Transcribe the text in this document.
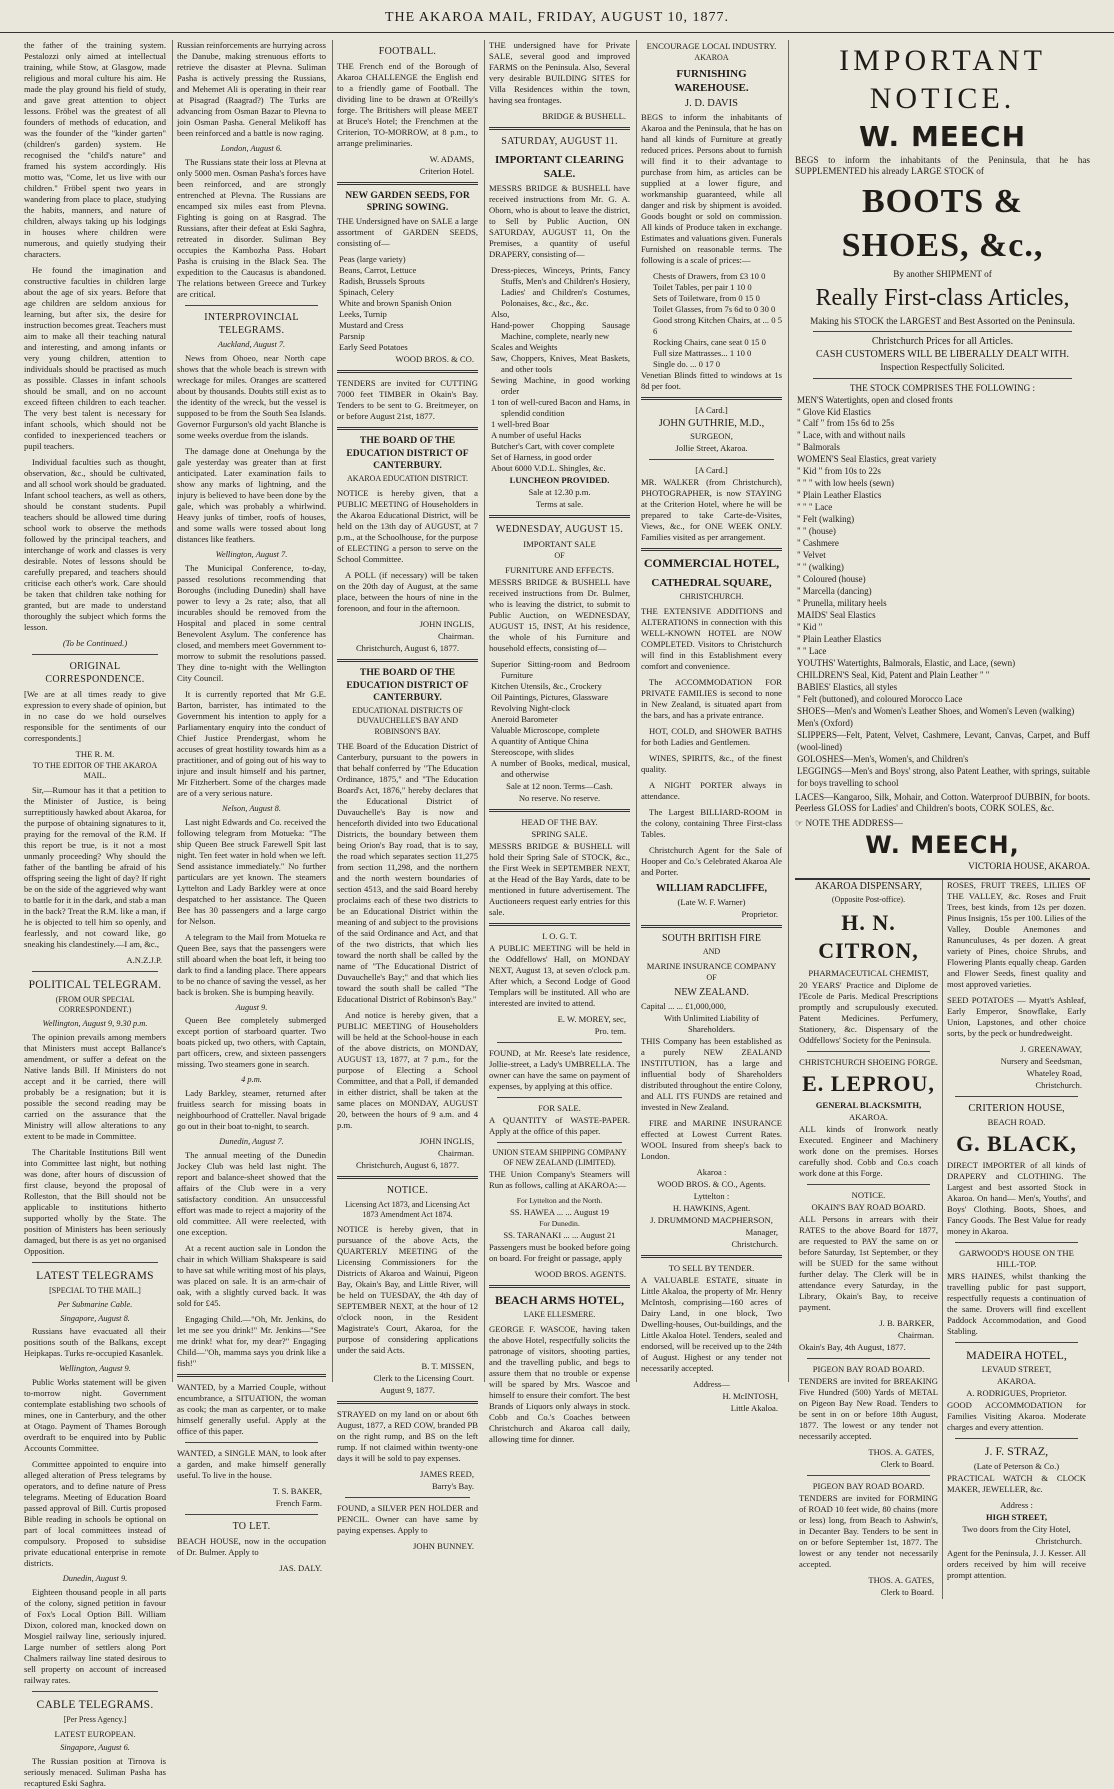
THE AKAROA MAIL, FRIDAY, AUGUST 10, 1877.

the father of the training system. Pestalozzi only aimed at intellectual training, while Stow, at Glasgow, made religious and moral culture his aim. He made the play ground his field of study, and gave great attention to object lessons. Fröbel was the greatest of all founders of methods of education, and was the founder of the "kinder garten" (children's garden) system. He recognised the "child's nature" and framed his system accordingly. His motto was, "Come, let us live with our children." Fröbel spent two years in wandering from place to place, studying the habits, manners, and nature of children, always taking up his lodgings in houses where children were numerous, and quietly studying their characters.

He found the imagination and constructive faculties in children large about the age of six years. Before that age children are seldom anxious for learning, but after six, the desire for instruction becomes great. Teachers must aim to make all their teaching natural and interesting, and among infants or very young children, attention to individuals should be practised as much as possible. Classes in infant schools should be small, and on no account exceed fifteen children to each teacher. The very best talent is necessary for infant schools, which should not be confided to inexperienced teachers or pupil teachers.

Individual faculties such as thought, observation, &c., should be cultivated, and all school work should be graduated. Infant school teachers, as well as others, should be constant students. Pupil teachers should be allowed time during school work to observe the methods followed by the principal teachers, and interchange of work and classes is very desirable. Notes of lessons should be carefully prepared, and teachers should criticise each other's work. Care should be taken that children take nothing for granted, but are made to understand thoroughly the subject which forms the lesson.

(To be Continued.)
ORIGINAL CORRESPONDENCE.

[We are at all times ready to give expression to every shade of opinion, but in no case do we hold ourselves responsible for the sentiments of our correspondents.]

THE R. M.
TO THE EDITOR OF THE AKAROA MAIL.

Sir,—Rumour has it that a petition to the Minister of Justice, is being surreptitiously hawked about Akaroa, for the purpose of obtaining signatures to it, praying for the removal of the R.M. If this report be true, is it not a most unmanly proceeding? Why should the father of the bantling be afraid of his offspring seeing the light of day? If right be on the side of the aggrieved why want to battle for it in the dark, and stab a man in the back? Treat the R.M. like a man, if he is objected to tell him so openly, and fearlessly, and not coward like, go sneaking his clandestinely.—I am, &c.,

A.N.Z.J.P.
POLITICAL TELEGRAM.
(FROM OUR SPECIAL CORRESPONDENT.)
Wellington, August 9, 9.30 p.m.

The opinion prevails among members that Ministers must accept Ballance's amendment, or suffer a defeat on the Native lands Bill. If Ministers do not accept and it be carried, there will probably be a resignation; but it is possible the second reading may be carried on the assurance that the Ministry will allow alterations to any extent to be made in Committee.

The Charitable Institutions Bill went into Committee last night, but nothing was done, after hours of discussion of first clause, beyond the proposal of Rolleston, that the Bill should not be applicable to institutions hitherto supported wholly by the State. The position of Ministers has been seriously damaged, but there is as yet no organised Opposition.

LATEST TELEGRAMS
[SPECIAL TO THE MAIL.]
Per Submarine Cable.
Singapore, August 8.

Russians have evacuated all their positions south of the Balkans, except Heipkapas. Turks re-occupied Kasanlek.

Wellington, August 9.

Public Works statement will be given to-morrow night. Government contemplate establishing two schools of mines, one in Canterbury, and the other at Otago. Payment of Thames Borough overdraft to be enquired into by Public Accounts Committee.

Committee appointed to enquire into alleged alteration of Press telegrams by operators, and to define nature of Press telegrams. Meeting of Education Board passed approval of Bill. Curtis proposed Bible reading in schools be optional on part of local committees instead of compulsory. Proposed to subsidise private educational enterprise in remote districts.

Dunedin, August 9.

Eighteen thousand people in all parts of the colony, signed petition in favour of Fox's Local Option Bill. William Dixon, colored man, knocked down on Mosgiel railway line, seriously injured. Large number of settlers along Port Chalmers railway line stated desirous to sell property on account of increased railway rates.

CABLE TELEGRAMS.
[Per Press Agency.]
LATEST EUROPEAN.
Singapore, August 6.

The Russian position at Tirnova is seriously menaced. Suliman Pasha has recaptured Eski Saghra.

Russian reinforcements are hurrying across the Danube, making strenuous efforts to retrieve the disaster at Plevna. Suliman Pasha is actively pressing the Russians, and Mehemet Ali is operating in their rear at Pisagrad (Raagrad?) The Turks are advancing from Osman Bazar to Plevna to join Osman Pasha. General Melikoff has been reinforced and a battle is now raging.

London, August 6.

The Russians state their loss at Plevna at only 5000 men. Osman Pasha's forces have been reinforced, and are strongly entrenched at Plevna. The Russians are encamped six miles east from Plevna. Fighting is going on at Rasgrad. The Russians, after their defeat at Eski Saghra, retreated in disorder. Suliman Bey occupies the Kambozha Pass. Hobart Pasha is cruising in the Black Sea. The expedition to the Caucasus is abandoned. The relations between Greece and Turkey are critical.

INTERPROVINCIAL TELEGRAMS.
Auckland, August 7.

News from Ohoeo, near North cape shows that the whole beach is strewn with wreckage for miles. Oranges are scattered about by thousands. Doubts still exist as to the identity of the wreck, but the vessel is supposed to be from the South Sea Islands. Governor Furgurson's old yacht Blanche is some weeks overdue from the islands.

The damage done at Onehunga by the gale yesterday was greater than at first anticipated. Later examination fails to show any marks of lightning, and the injury is believed to have been done by the gale, which was probably a whirlwind. Heavy junks of timber, roofs of houses, and some walls were tossed about long distances like feathers.

Wellington, August 7.

The Municipal Conference, to-day, passed resolutions recommending that Boroughs (including Dunedin) shall have power to levy a 2s rate; also, that all incurables should be removed from the Hospital and placed in some central Benevolent Asylum. The conference has closed, and members meet Government to-morrow to submit the resolutions passed. They dine to-night with the Wellington City Council.

It is currently reported that Mr G.E. Barton, barrister, has intimated to the Government his intention to apply for a Parliamentary enquiry into the conduct of Chief Justice Prendergast, whom he accuses of great hostility towards him as a practitioner, and of going out of his way to injure and insult himself and his partner, Mr Fitzherbert. Some of the charges made are of a very serious nature.

Nelson, August 8.

Last night Edwards and Co. received the following telegram from Motueka: "The ship Queen Bee struck Farewell Spit last night. Ten feet water in hold when we left. Send assistance immediately." No further particulars are yet known. The steamers Lyttelton and Lady Barkley were at once despatched to her assistance. The Queen Bee has 30 passengers and a large cargo for Nelson.

A telegram to the Mail from Motueka re Queen Bee, says that the passengers were still aboard when the boat left, it being too dark to find a landing place. There appears to be no chance of saving the vessel, as her back is broken. She is bumping heavily.

August 9.

Queen Bee completely submerged except portion of starboard quarter. Two boats picked up, two others, with Captain, part officers, crew, and sixteen passengers missing. Two steamers gone in search.

4 p.m.

Lady Barkley, steamer, returned after fruitless search for missing boats in neighbourhood of Cratteller. Naval brigade go out in their boat to-night, to search.

Dunedin, August 7.

The annual meeting of the Dunedin Jockey Club was held last night. The report and balance-sheet showed that the affairs of the Club were in a very satisfactory condition. An unsuccessful effort was made to reject a majority of the old committee. All were reelected, with one exception.

At a recent auction sale in London the chair in which William Shakspeare is said to have sat while writing most of his plays, was placed on sale. It is an arm-chair of oak, with a slightly curved back. It was sold for £45.

Engaging Child.—"Oh, Mr. Jenkins, do let me see you drink!" Mr. Jenkins—"See me drink! what for, my dear?" Engaging Child—"Oh, mamma says you drink like a fish!"

WANTED, by a Married Couple, without encumbrance, a SITUATION, the woman as cook; the man as carpenter, or to make himself generally useful. Apply at the office of this paper.

WANTED, a SINGLE MAN, to look after a garden, and make himself generally useful. To live in the house.

T. S. BAKER,
French Farm.
TO LET.

BEACH HOUSE, now in the occupation of Dr. Bulmer. Apply to

JAS. DALY.
FOOTBALL.

THE French end of the Borough of Akaroa CHALLENGE the English end to a friendly game of Football. The dividing line to be drawn at O'Reilly's forge. The Britishers will please MEET at Bruce's Hotel; the Frenchmen at the Criterion, TO-MORROW, at 8 p.m., to arrange preliminaries.

W. ADAMS,
Criterion Hotel.
NEW GARDEN SEEDS, FOR SPRING SOWING.

THE Undersigned have on SALE a large assortment of GARDEN SEEDS, consisting of—

Peas (large variety)
Beans, Carrot, Lettuce
Radish, Brussels Sprouts
Spinach, Celery
White and brown Spanish Onion
Leeks, Turnip
Mustard and Cress
Parsnip
Early Seed Potatoes
WOOD BROS. & CO.

TENDERS are invited for CUTTING 7000 feet TIMBER in Okain's Bay. Tenders to be sent to G. Breitmeyer, on or before August 21st, 1877.

THE BOARD OF THE EDUCATION DISTRICT OF CANTERBURY.
AKAROA EDUCATION DISTRICT.

NOTICE is hereby given, that a PUBLIC MEETING of Householders in the Akaroa Educational District, will be held on the 13th day of AUGUST, at 7 p.m., at the Schoolhouse, for the purpose of ELECTING a person to serve on the School Committee.

A POLL (if necessary) will be taken on the 20th day of August, at the same place, between the hours of nine in the forenoon, and four in the afternoon.

JOHN INGLIS,
Chairman.
Christchurch, August 6, 1877.
THE BOARD OF THE EDUCATION DISTRICT OF CANTERBURY.
EDUCATIONAL DISTRICTS OF DUVAUCHELLE'S BAY AND ROBINSON'S BAY.

THE Board of the Education District of Canterbury, pursuant to the powers in that behalf conferred by "The Education Ordinance, 1875," and "The Education Board's Act, 1876," hereby declares that the Educational District of Duvauchelle's Bay is now and henceforth divided into two Educational Districts, the boundary between them being Orion's Bay road, that is to say, the road which separates section 11,275 from section 11,298, and the northern and the north western boundaries of section 4513, and the said Board hereby proclaims each of these two districts to be an Educational District within the meaning of and subject to the provisions of the said Ordinance and Act, and that of the two districts, that which lies toward the north shall be called by the name of "The Educational District of Duvauchelle's Bay;" and that which lies toward the south shall be called "The Educational District of Robinson's Bay."

And notice is hereby given, that a PUBLIC MEETING of Householders will be held at the School-house in each of the above districts, on MONDAY, AUGUST 13, 1877, at 7 p.m., for the purpose of Electing a School Committee, and that a Poll, if demanded in either district, shall be taken at the same places on MONDAY, AUGUST 20, between the hours of 9 a.m. and 4 p.m.

JOHN INGLIS,
Chairman.
Christchurch, August 6, 1877.
NOTICE.
Licensing Act 1873, and Licensing Act 1873 Amendment Act 1874.

NOTICE is hereby given, that in pursuance of the above Acts, the QUARTERLY MEETING of the Licensing Commissioners for the Districts of Akaroa and Wainui, Pigeon Bay, Okain's Bay, and Little River, will be held on TUESDAY, the 4th day of SEPTEMBER NEXT, at the hour of 12 o'clock noon, in the Resident Magistrate's Court, Akaroa, for the purpose of considering applications under the said Acts.

B. T. MISSEN,
Clerk to the Licensing Court.
August 9, 1877.

STRAYED on my land on or about 6th August, 1877, a RED COW, branded PB on the right rump, and BS on the left rump. If not claimed within twenty-one days it will be sold to pay expenses.

JAMES REED,
Barry's Bay.

FOUND, a SILVER PEN HOLDER and PENCIL. Owner can have same by paying expenses. Apply to

JOHN BUNNEY.

THE undersigned have for Private SALE, several good and improved FARMS on the Peninsula. Also, Several very desirable BUILDING SITES for Villa Residences within the town, having sea frontages.

BRIDGE & BUSHELL.
SATURDAY, AUGUST 11.
IMPORTANT CLEARING SALE.

MESSRS BRIDGE & BUSHELL have received instructions from Mr. G. A. Oborn, who is about to leave the district, to Sell by Public Auction, ON SATURDAY, AUGUST 11, On the Premises, a quantity of useful DRAPERY, consisting of—

Dress-pieces, Winceys, Prints, Fancy Stuffs, Men's and Children's Hosiery, Ladies' and Children's Costumes, Polonaises, &c., &c., &c.
Also,
Hand-power Chopping Sausage Machine, complete, nearly new
Scales and Weights
Saw, Choppers, Knives, Meat Baskets, and other tools
Sewing Machine, in good working order
1 ton of well-cured Bacon and Hams, in splendid condition
1 well-bred Boar
A number of useful Hacks
Butcher's Cart, with cover complete
Set of Harness, in good order
About 6000 V.D.L. Shingles, &c.
LUNCHEON PROVIDED.
Sale at 12.30 p.m.
Terms at sale.
WEDNESDAY, AUGUST 15.
IMPORTANT SALE
OF
FURNITURE AND EFFECTS.

MESSRS BRIDGE & BUSHELL have received instructions from Dr. Bulmer, who is leaving the district, to submit to Public Auction, on WEDNESDAY, AUGUST 15, INST, At his residence, the whole of his Furniture and household effects, consisting of—

Superior Sitting-room and Bedroom Furniture
Kitchen Utensils, &c., Crockery
Oil Paintings, Pictures, Glassware
Revolving Night-clock
Aneroid Barometer
Valuable Microscope, complete
A quantity of Antique China
Stereoscope, with slides
A number of Books, medical, musical, and otherwise
Sale at 12 noon. Terms—Cash.
No reserve. No reserve.
HEAD OF THE BAY.
SPRING SALE.

MESSRS BRIDGE & BUSHELL will hold their Spring Sale of STOCK, &c., the First Week in SEPTEMBER NEXT, at the Head of the Bay Yards, date to be mentioned in future advertisement. The Auctioneers request early entries for this sale.

I. O. G. T.

A PUBLIC MEETING will be held in the Oddfellows' Hall, on MONDAY NEXT, August 13, at seven o'clock p.m. After which, a Second Lodge of Good Templars will be instituted. All who are interested are invited to attend.

E. W. MOREY, sec,
Pro. tem.

FOUND, at Mr. Reese's late residence, Jollie-street, a Lady's UMBRELLA. The owner can have the same on payment of expenses, by applying at this office.

FOR SALE.

A QUANTITY of WASTE-PAPER. Apply at the office of this paper.

UNION STEAM SHIPPING COMPANY OF NEW ZEALAND (LIMITED).

THE Union Company's Steamers will Run as follows, calling at AKAROA:—

For Lyttelton and the North.
SS. HAWEA ... ... August 19
For Dunedin.
SS. TARANAKI ... ... August 21

Passengers must be booked before going on board. For freight or passage, apply

WOOD BROS. AGENTS.
BEACH ARMS HOTEL,
LAKE ELLESMERE.

GEORGE F. WASCOE, having taken the above Hotel, respectfully solicits the patronage of visitors, shooting parties, and the travelling public, and begs to assure them that no trouble or expense will be spared by Mrs. Wascoe and himself to ensure their comfort. The best Brands of Liquors only always in stock. Cobb and Co.'s Coaches between Christchurch and Akaroa call daily, allowing time for dinner.

ENCOURAGE LOCAL INDUSTRY.
AKAROA
FURNISHING WAREHOUSE.
J. D. DAVIS

BEGS to inform the inhabitants of Akaroa and the Peninsula, that he has on hand all kinds of Furniture at greatly reduced prices. Persons about to furnish will find it to their advantage to purchase from him, as articles can be supplied at a lower figure, and workmanship guaranteed, while all danger and risk by shipment is avoided. Goods bought or sold on commission. All kinds of Produce taken in exchange. Estimates and valuations given. Funerals Furnished on reasonable terms. The following is a scale of prices:—

Chests of Drawers, from £3 10 0
Toilet Tables, per pair 1 10 0
Sets of Toiletware, from 0 15 0
Toilet Glasses, from 7s 6d to 0 30 0
Good strong Kitchen Chairs, at ... 0 5 6
Rocking Chairs, cane seat 0 15 0
Full size Mattrasses... 1 10 0
Single do. ... 0 17 0

Venetian Blinds fitted to windows at 1s 8d per foot.

[A Card.]
JOHN GUTHRIE, M.D.,
SURGEON,
Jollie Street, Akaroa.
[A Card.]

MR. WALKER (from Christchurch), PHOTOGRAPHER, is now STAYING at the Criterion Hotel, where he will be prepared to take Carte-de-Visites, Views, &c., for ONE WEEK ONLY. Families visited as per arrangement.

COMMERCIAL HOTEL,
CATHEDRAL SQUARE,
CHRISTCHURCH.

THE EXTENSIVE ADDITIONS and ALTERATIONS in connection with this WELL-KNOWN HOTEL are NOW COMPLETED. Visitors to Christchurch will find in this Establishment every comfort and convenience.

The ACCOMMODATION FOR PRIVATE FAMILIES is second to none in New Zealand, is situated apart from the bars, and has a private entrance.

HOT, COLD, and SHOWER BATHS for both Ladies and Gentlemen.

WINES, SPIRITS, &c., of the finest quality.

A NIGHT PORTER always in attendance.

The Largest BILLIARD-ROOM in the colony, containing Three First-class Tables.

Christchurch Agent for the Sale of Hooper and Co.'s Celebrated Akaroa Ale and Porter.

WILLIAM RADCLIFFE,
(Late W. F. Warner)
Proprietor.
SOUTH BRITISH FIRE
AND
MARINE INSURANCE COMPANY
OF
NEW ZEALAND.
Capital ... ... £1,000,000,
With Unlimited Liability of Shareholders.

THIS Company has been established as a purely NEW ZEALAND INSTITUTION, has a large and influential body of Shareholders distributed throughout the entire Colony, and ALL ITS FUNDS are retained and invested in New Zealand.

FIRE and MARINE INSURANCE effected at Lowest Current Rates. WOOL Insured from sheep's back to London.

Akaroa :
WOOD BROS. & CO., Agents.
Lyttelton :
H. HAWKINS, Agent.
J. DRUMMOND MACPHERSON,
Manager,
Christchurch.
TO SELL BY TENDER.

A VALUABLE ESTATE, situate in Little Akaloa, the property of Mr. Henry McIntosh, comprising—160 acres of Dairy Land, in one block, Two Dwelling-houses, Out-buildings, and the Little Akaloa Hotel. Tenders, sealed and endorsed, will be received up to the 24th of August. Highest or any tender not necessarily accepted.

Address—
H. McINTOSH,
Little Akaloa.
IMPORTANT NOTICE.
W. MEECH
BEGS to inform the inhabitants of the Peninsula, that he has SUPPLEMENTED his already LARGE STOCK of
BOOTS & SHOES, &c.,
By another SHIPMENT of
Really First-class Articles,
Making his STOCK the LARGEST and Best Assorted on the Peninsula.
Christchurch Prices for all Articles.
CASH CUSTOMERS WILL BE LIBERALLY DEALT WITH.
Inspection Respectfully Solicited.
THE STOCK COMPRISES THE FOLLOWING :
MEN'S Watertights, open and closed fronts
" Glove Kid Elastics
" Calf " from 15s 6d to 25s
" Lace, with and without nails
" Balmorals
WOMEN'S Seal Elastics, great variety
" Kid " from 10s to 22s
" " " with low heels (sewn)
" Plain Leather Elastics
" " " Lace
" Felt (walking)
" " (house)
" Cashmere
" Velvet
" " (walking)
" Coloured (house)
" Marcella (dancing)
" Prunella, military heels
MAIDS' Seal Elastics
" Kid "
" Plain Leather Elastics
" " Lace
YOUTHS' Watertights, Balmorals, Elastic, and Lace, (sewn)
CHILDREN'S Seal, Kid, Patent and Plain Leather " "
BABIES' Elastics, all styles
" Felt (buttoned), and coloured Morocco Lace
SHOES—Men's and Women's Leather Shoes, and Women's Leven (walking)
Men's (Oxford)
SLIPPERS—Felt, Patent, Velvet, Cashmere, Levant, Canvas, Carpet, and Buff (wool-lined)
GOLOSHES—Men's, Women's, and Children's
LEGGINGS—Men's and Boys' strong, also Patent Leather, with springs, suitable for boys travelling to school
LACES—Kangaroo, Silk, Mohair, and Cotton. Waterproof DUBBIN, for boots. Peerless GLOSS for Ladies' and Children's boots, CORK SOLES, &c.
☞ NOTE THE ADDRESS—
W. MEECH,
VICTORIA HOUSE, AKAROA.
AKAROA DISPENSARY,
(Opposite Post-office).
H. N. CITRON,
PHARMACEUTICAL CHEMIST,

20 YEARS' Practice and Diplome de l'Ecole de Paris. Medical Prescriptions promptly and scrupulously executed. Patent Medicines. Perfumery, Stationery, &c. Dispensary of the Oddfellows' Society for the Peninsula.

CHRISTCHURCH SHOEING FORGE.
E. LEPROU,
GENERAL BLACKSMITH,
AKAROA.

ALL kinds of Ironwork neatly Executed. Engineer and Machinery work done on the premises. Horses carefully shod. Cobb and Co.s coach work done at this Forge.

NOTICE.
OKAIN'S BAY ROAD BOARD.

ALL Persons in arrears with their RATES to the above Board for 1877, are requested to PAY the same on or before Saturday, 1st September, or they will be SUED for the same without further delay. The Clerk will be in attendance every Saturday, in the Library, Okain's Bay, to receive payment.

J. B. BARKER,
Chairman.
Okain's Bay, 4th August, 1877.
PIGEON BAY ROAD BOARD.

TENDERS are invited for BREAKING Five Hundred (500) Yards of METAL on Pigeon Bay New Road. Tenders to be sent in on or before 18th August, 1877. The lowest or any tender not necessarily accepted.

THOS. A. GATES,
Clerk to Board.
PIGEON BAY ROAD BOARD.

TENDERS are invited for FORMING of ROAD 10 feet wide, 80 chains (more or less) long, from Beach to Ashwin's, in Decanter Bay. Tenders to be sent in on or before September 1st, 1877. The lowest or any tender not necessarily accepted.

THOS. A. GATES,
Clerk to Board.

ROSES, FRUIT TREES, LILIES OF THE VALLEY, &c. Roses and Fruit Trees, best kinds, from 12s per dozen. Pinus Insignis, 15s per 100. Lilies of the Valley, Double Anemones and Ranunculuses, 4s per dozen. A great variety of Pines, choice Shrubs, and Flowering Plants equally cheap. Garden and Flower Seeds, finest quality and most approved varieties.

SEED POTATOES — Myatt's Ashleaf, Early Emperor, Snowflake, Early Union, Lapstones, and other choice sorts, by the peck or hundredweight.

J. GREENAWAY,
Nursery and Seedsman,
Whateley Road,
Christchurch.
CRITERION HOUSE,
BEACH ROAD.
G. BLACK,

DIRECT IMPORTER of all kinds of DRAPERY and CLOTHING. The Largest and best assorted Stock in Akaroa. On hand— Men's, Youths', and Boys' Clothing. Boots, Shoes, and Fancy Goods. The Best Value for ready money in Akaroa.

GARWOOD'S HOUSE ON THE HILL-TOP.

MRS HAINES, whilst thanking the travelling public for past support, respectfully requests a continuation of the same. Drovers will find excellent Paddock Accommodation, and Good Stabling.

MADEIRA HOTEL,
LEVAUD STREET,
AKAROA.
A. RODRIGUES, Proprietor.

GOOD ACCOMMODATION for Families Visiting Akaroa. Moderate charges and every attention.

J. F. STRAZ,
(Late of Peterson & Co.)

PRACTICAL WATCH & CLOCK MAKER, JEWELLER, &c.

Address :
HIGH STREET,
Two doors from the City Hotel,
Christchurch.

Agent for the Peninsula, J. J. Kesser. All orders received by him will receive prompt attention.
